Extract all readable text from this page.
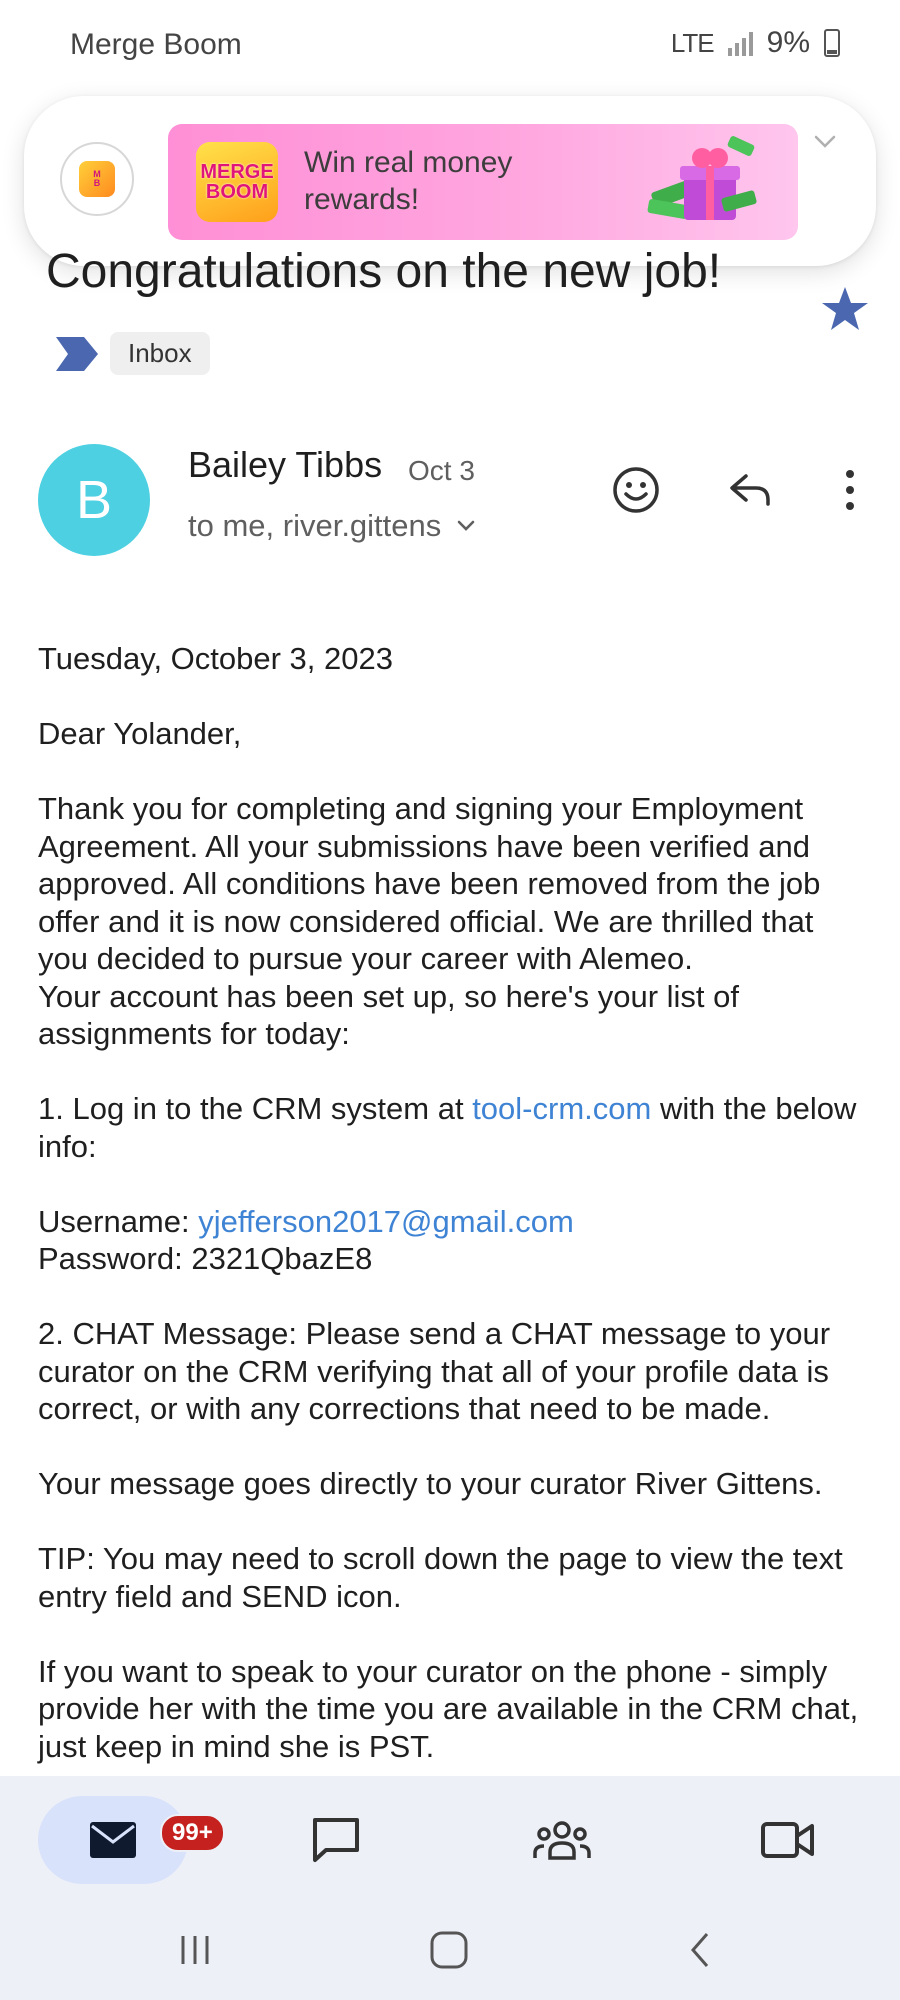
Merge Boom	LTE 9%
M
B	MERGE BOOM
Win real money rewards!
Congratulations on the new job!
Inbox
B
Bailey Tibbs Oct 3
to me, river.gittens

Tuesday, October 3, 2023

Dear Yolander,

Thank you for completing and signing your Employment Agreement. All your submissions have been verified and approved. All conditions have been removed from the job offer and it is now considered official. We are thrilled that you decided to pursue your career with Alemeo.
Your account has been set up, so here's your list of assignments for today:

1. Log in to the CRM system at tool-crm.com with the below info:

Username: yjefferson2017@gmail.com
Password: 2321QbazE8

2. CHAT Message: Please send a CHAT message to your curator on the CRM verifying that all of your profile data is correct, or with any corrections that need to be made.

Your message goes directly to your curator River Gittens.

TIP: You may need to scroll down the page to view the text entry field and SEND icon.

If you want to speak to your curator on the phone - simply provide her with the time you are available in the CRM chat, just keep in mind she is PST.

99+
